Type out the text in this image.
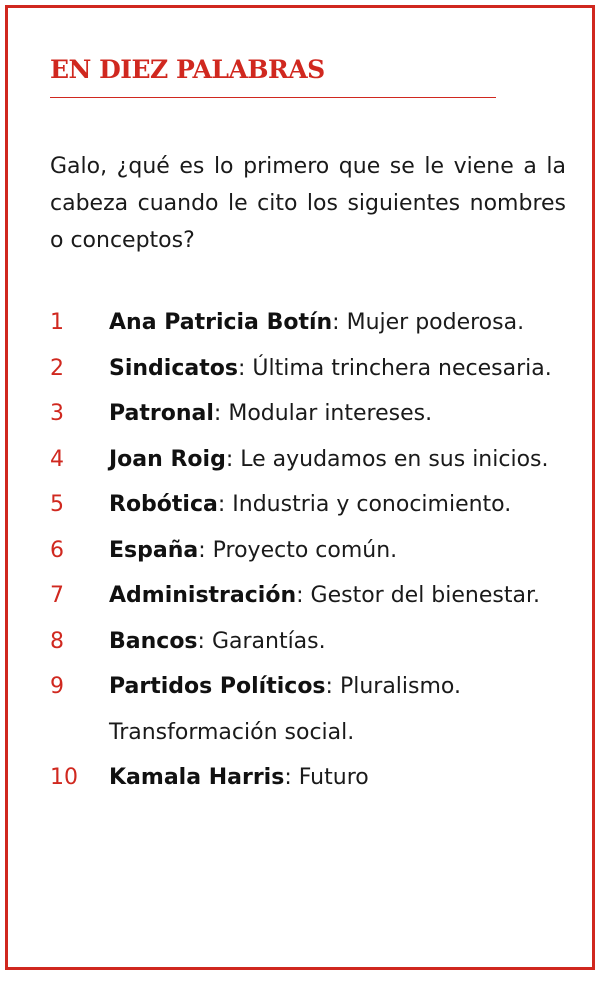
EN DIEZ PALABRAS
Galo, ¿qué es lo primero que se le viene a la cabeza cuando le cito los siguientes nombres o conceptos?
1 Ana Patricia Botín: Mujer poderosa.
2 Sindicatos: Última trinchera necesaria.
3 Patronal: Modular intereses.
4 Joan Roig: Le ayudamos en sus inicios.
5 Robótica: Industria y conocimiento.
6 España: Proyecto común.
7 Administración: Gestor del bienestar.
8 Bancos: Garantías.
9 Partidos Políticos: Pluralismo. Transformación social.
10 Kamala Harris: Futuro
